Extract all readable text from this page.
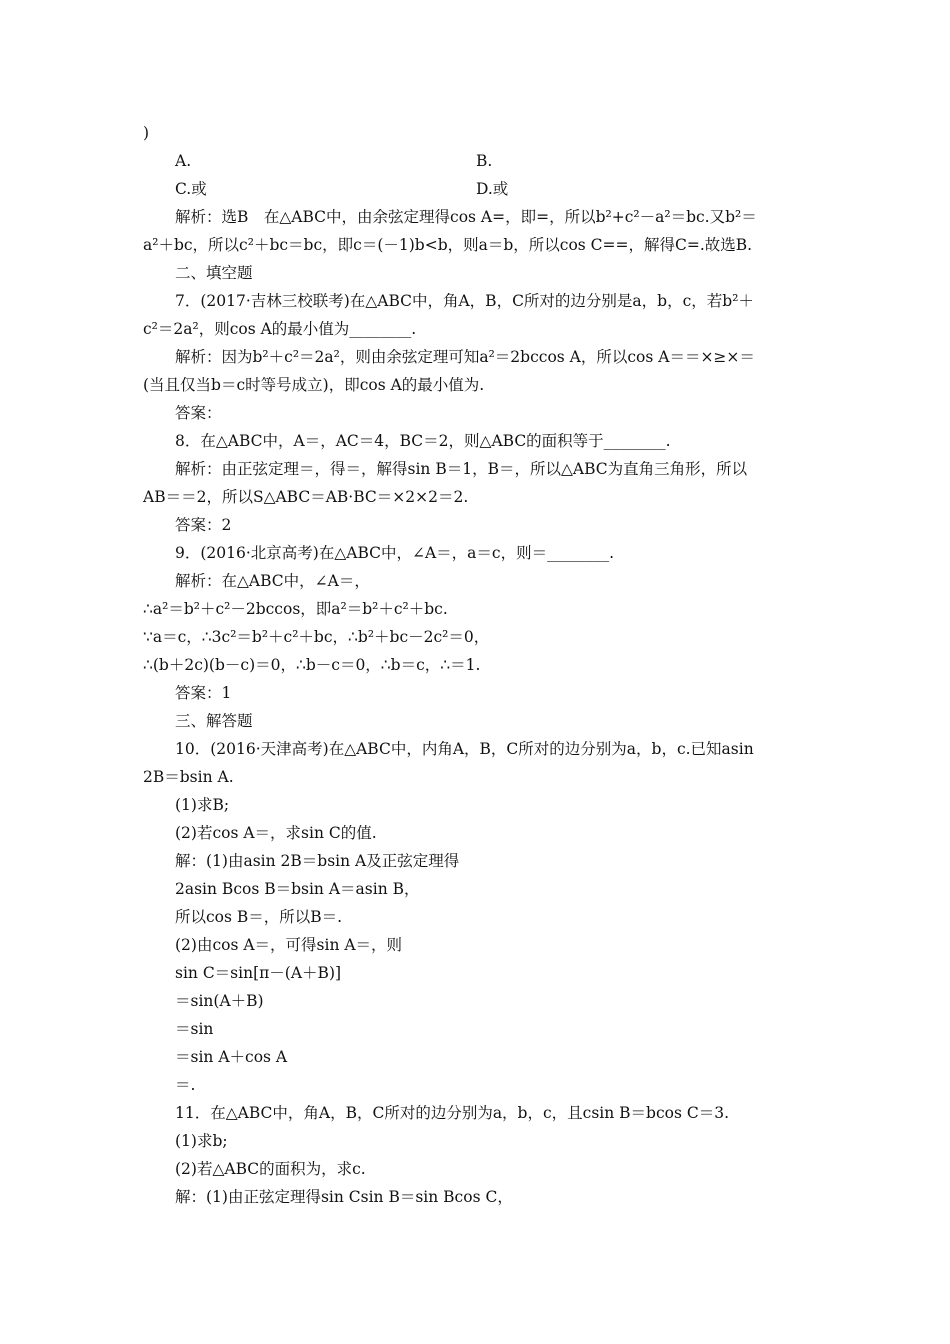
)
A.	B.
C.或	D.或
解析：选B　在△ABC中，由余弦定理得cos A=，即=，所以b²+c²－a²＝bc.又b²＝
a²＋bc，所以c²＋bc＝bc，即c＝(－1)b<b，则a＝b，所以cos C==，解得C=.故选B.
二、填空题
7．(2017·吉林三校联考)在△ABC中，角A，B，C所对的边分别是a，b，c，若b²＋
c²＝2a²，则cos A的最小值为________.
解析：因为b²＋c²＝2a²，则由余弦定理可知a²＝2bccos A，所以cos A＝＝×≥×＝
(当且仅当b＝c时等号成立)，即cos A的最小值为.
答案：
8．在△ABC中，A＝，AC＝4，BC＝2，则△ABC的面积等于________.
解析：由正弦定理＝，得＝，解得sin B＝1，B＝，所以△ABC为直角三角形，所以
AB＝＝2，所以S△ABC＝AB·BC＝×2×2＝2.
答案：2
9．(2016·北京高考)在△ABC中，∠A＝，a＝c，则＝________.
解析：在△ABC中，∠A＝，
∴a²＝b²＋c²－2bccos，即a²＝b²＋c²＋bc.
∵a＝c，∴3c²＝b²＋c²＋bc，∴b²＋bc－2c²＝0，
∴(b＋2c)(b－c)＝0，∴b－c＝0，∴b＝c，∴＝1.
答案：1
三、解答题
10．(2016·天津高考)在△ABC中，内角A，B，C所对的边分别为a，b，c.已知asin
2B＝bsin A.
(1)求B;
(2)若cos A＝，求sin C的值.
解：(1)由asin 2B＝bsin A及正弦定理得
2asin Bcos B＝bsin A＝asin B，
所以cos B＝，所以B＝.
(2)由cos A＝，可得sin A＝，则
sin C＝sin[π－(A＋B)]
＝sin(A＋B)
＝sin
＝sin A＋cos A
＝.
11．在△ABC中，角A，B，C所对的边分别为a，b，c，且csin B＝bcos C＝3.
(1)求b;
(2)若△ABC的面积为，求c.
解：(1)由正弦定理得sin Csin B＝sin Bcos C，
